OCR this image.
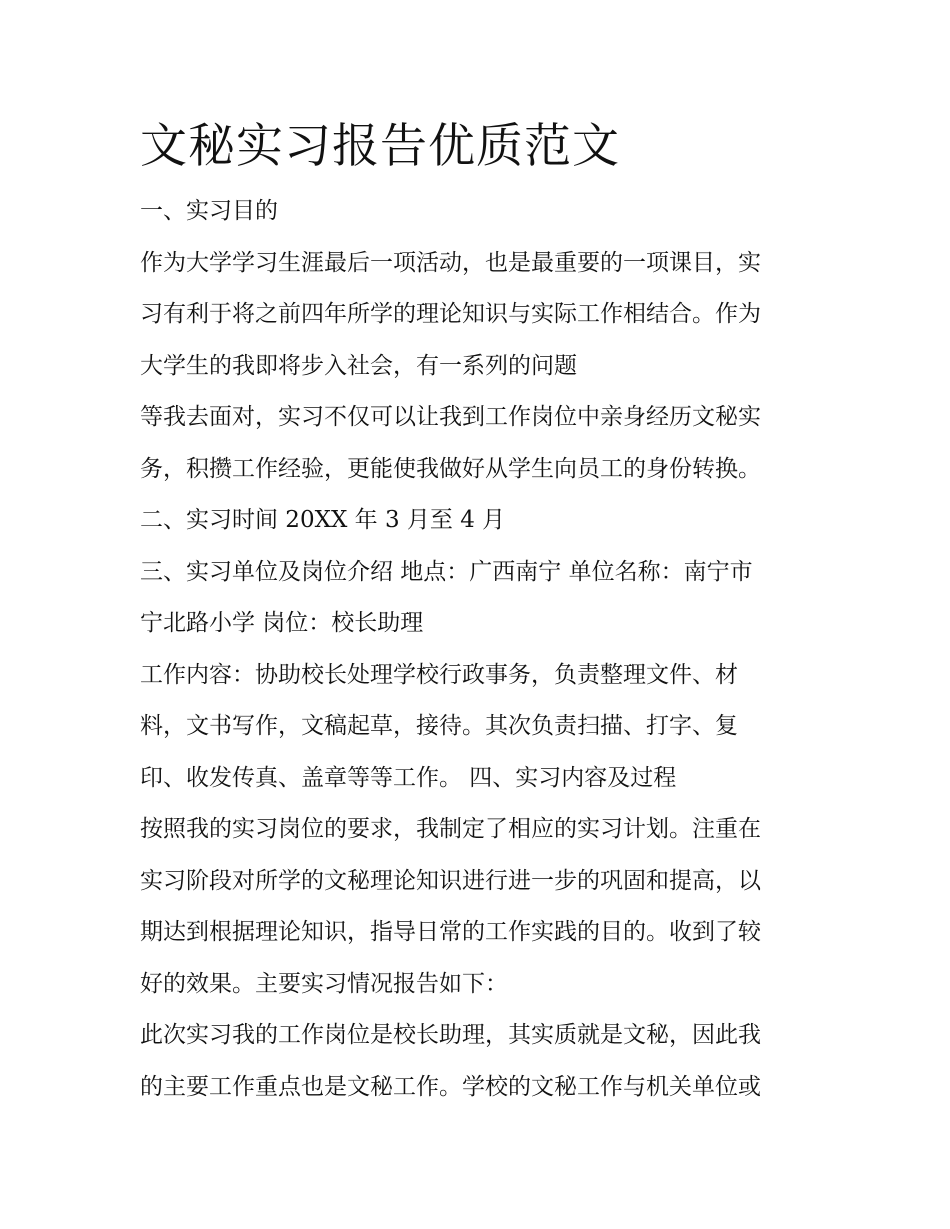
文秘实习报告优质范文
一、实习目的
作为大学学习生涯最后一项活动，也是最重要的一项课目，实
习有利于将之前四年所学的理论知识与实际工作相结合。作为
大学生的我即将步入社会，有一系列的问题
等我去面对，实习不仅可以让我到工作岗位中亲身经历文秘实
务，积攒工作经验，更能使我做好从学生向员工的身份转换。
二、实习时间 20XX 年 3 月至 4 月
三、实习单位及岗位介绍 地点：广西南宁 单位名称：南宁市
宁北路小学 岗位：校长助理
工作内容：协助校长处理学校行政事务，负责整理文件、材
料，文书写作，文稿起草，接待。其次负责扫描、打字、复
印、收发传真、盖章等等工作。 四、实习内容及过程
按照我的实习岗位的要求，我制定了相应的实习计划。注重在
实习阶段对所学的文秘理论知识进行进一步的巩固和提高，以
期达到根据理论知识，指导日常的工作实践的目的。收到了较
好的效果。主要实习情况报告如下：
此次实习我的工作岗位是校长助理，其实质就是文秘，因此我
的主要工作重点也是文秘工作。学校的文秘工作与机关单位或
